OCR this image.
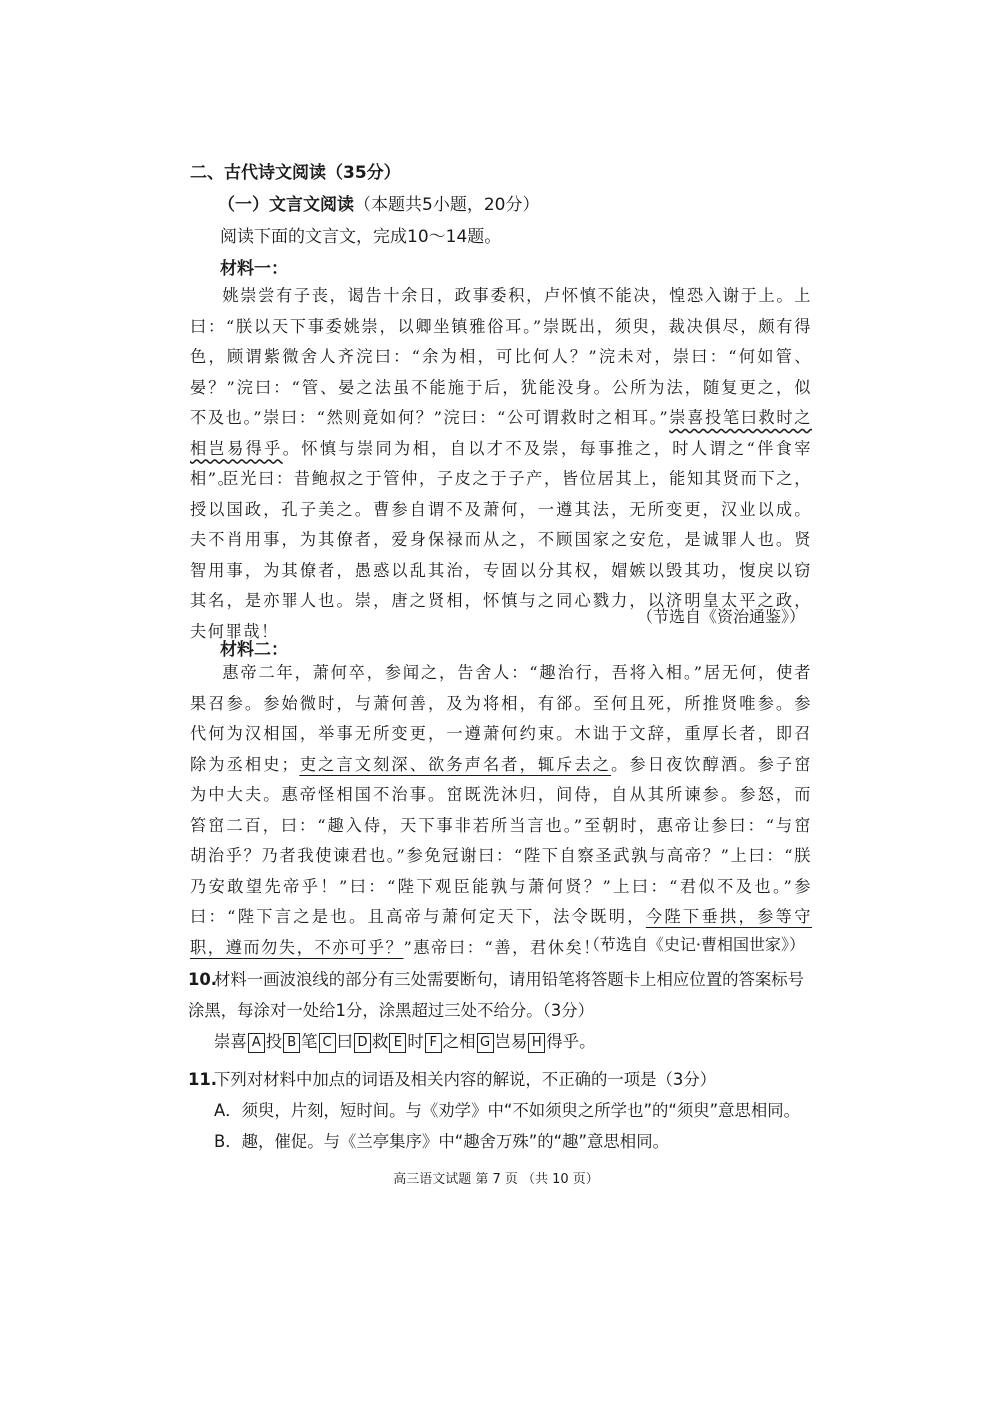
二、古代诗文阅读（35分）
（一）文言文阅读（本题共5小题，20分）
阅读下面的文言文，完成10～14题。
材料一：

姚崇尝有子丧，谒告十余日，政事委积，卢怀慎不能决，惶恐入谢于上。上曰：“朕以天下事委姚崇，以卿坐镇雅俗耳。”崇既出，须臾，裁决俱尽，颇有得色，顾谓紫微舍人齐浣曰：“余为相，可比何人？”浣未对，崇曰：“何如管、晏？”浣曰：“管、晏之法虽不能施于后，犹能没身。公所为法，随复更之，似不及也。”崇曰：“然则竟如何？”浣曰：“公可谓救时之相耳。”崇喜投笔曰救时之相岂易得乎。怀慎与崇同为相，自以才不及崇，每事推之，时人谓之“伴食宰相”。

臣光曰：昔鲍叔之于管仲，子皮之于子产，皆位居其上，能知其贤而下之，授以国政，孔子美之。曹参自谓不及萧何，一遵其法，无所变更，汉业以成。夫不肖用事，为其僚者，爱身保禄而从之，不顾国家之安危，是诚罪人也。贤智用事，为其僚者，愚惑以乱其治，专固以分其权，媢嫉以毁其功，愎戾以窃其名，是亦罪人也。崇，唐之贤相，怀慎与之同心戮力，以济明皇太平之政，夫何罪哉！

（节选自《资治通鉴》）
材料二：

惠帝二年，萧何卒，参闻之，告舍人：“趣治行，吾将入相。”居无何，使者果召参。参始微时，与萧何善，及为将相，有郤。至何且死，所推贤唯参。参代何为汉相国，举事无所变更，一遵萧何约束。木诎于文辞，重厚长者，即召除为丞相史；吏之言文刻深、欲务声名者，辄斥去之。参日夜饮醇酒。参子窋为中大夫。惠帝怪相国不治事。窋既洗沐归，间侍，自从其所谏参。参怒，而笞窋二百，曰：“趣入侍，天下事非若所当言也。”至朝时，惠帝让参曰：“与窋胡治乎？乃者我使谏君也。”参免冠谢曰：“陛下自察圣武孰与高帝？”上曰：“朕乃安敢望先帝乎！”曰：“陛下观臣能孰与萧何贤？”上曰：“君似不及也。”参曰：“陛下言之是也。且高帝与萧何定天下，法令既明，今陛下垂拱，参等守职，遵而勿失，不亦可乎？”惠帝曰：“善，君休矣！”

（节选自《史记·曹相国世家》）
10.材料一画波浪线的部分有三处需要断句，请用铅笔将答题卡上相应位置的答案标号涂黑，每涂对一处给1分，涂黑超过三处不给分。（3分）
崇喜 A 投 B 笔 C 曰 D 救 E 时 F 之相 G 岂易 H 得乎。
11.下列对材料中加点的词语及相关内容的解说，不正确的一项是（3分）
A．须臾，片刻，短时间。与《劝学》中“不如须臾之所学也”的“须臾”意思相同。
B．趣，催促。与《兰亭集序》中“趣舍万殊”的“趣”意思相同。
高三语文试题 第 7 页 （共 10 页）
